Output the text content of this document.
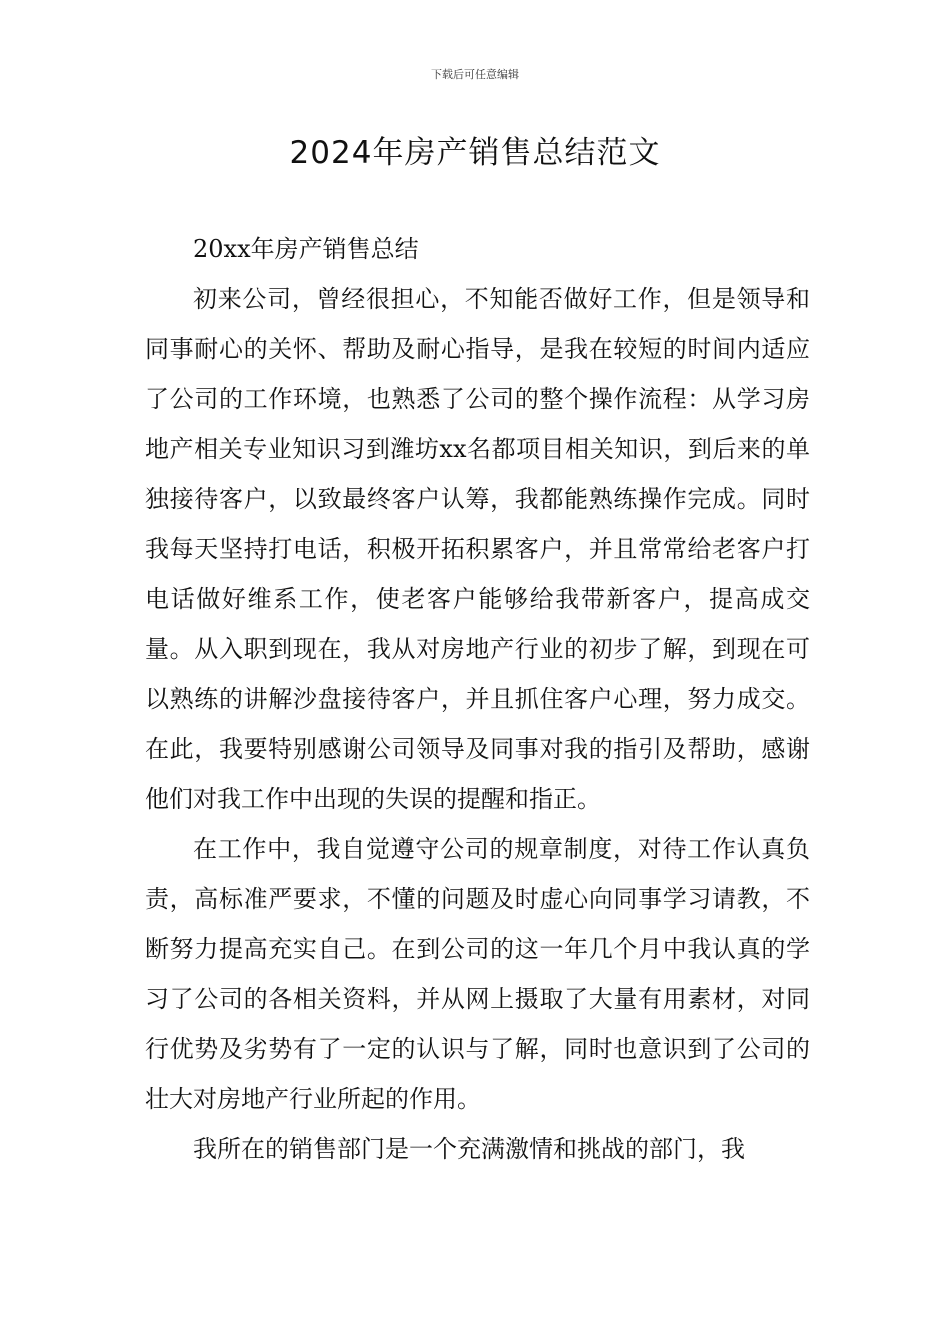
下载后可任意编辑
2024年房产销售总结范文

20xx年房产销售总结

初来公司，曾经很担心，不知能否做好工作，但是领导和同事耐心的关怀、帮助及耐心指导，是我在较短的时间内适应了公司的工作环境，也熟悉了公司的整个操作流程：从学习房地产相关专业知识习到潍坊xx名都项目相关知识，到后来的单独接待客户，以致最终客户认筹，我都能熟练操作完成。同时我每天坚持打电话，积极开拓积累客户，并且常常给老客户打电话做好维系工作，使老客户能够给我带新客户，提高成交量。从入职到现在，我从对房地产行业的初步了解，到现在可以熟练的讲解沙盘接待客户，并且抓住客户心理，努力成交。在此，我要特别感谢公司领导及同事对我的指引及帮助，感谢他们对我工作中出现的失误的提醒和指正。

在工作中，我自觉遵守公司的规章制度，对待工作认真负责，高标准严要求，不懂的问题及时虚心向同事学习请教，不断努力提高充实自己。在到公司的这一年几个月中我认真的学习了公司的各相关资料，并从网上摄取了大量有用素材，对同行优势及劣势有了一定的认识与了解，同时也意识到了公司的壮大对房地产行业所起的作用。

我所在的销售部门是一个充满激情和挑战的部门，我
